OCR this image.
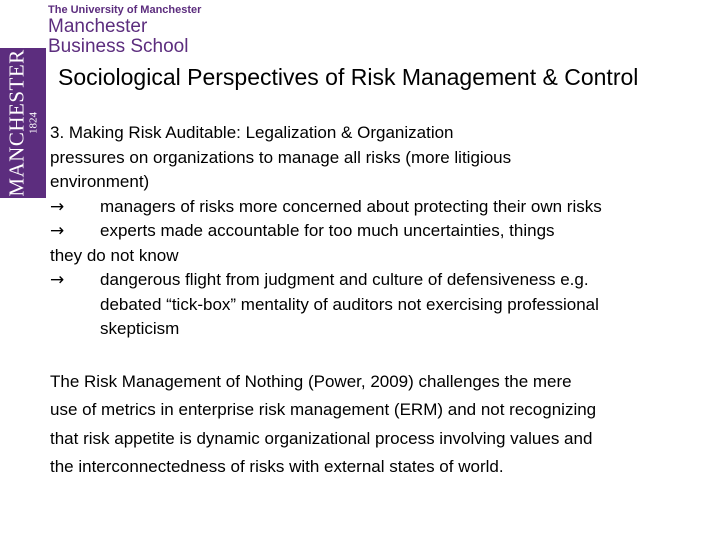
The University of Manchester
Manchester
Business School
MANCHESTER 1824
Sociological Perspectives of Risk Management & Control
3. Making Risk Auditable: Legalization & Organization
pressures on organizations to manage all risks (more litigious
environment)
→	managers of risks more concerned about protecting their own risks
→	experts made accountable for too much uncertainties, things
they do not know
→	dangerous flight from judgment and culture of defensiveness e.g.
debated “tick-box” mentality of auditors not exercising professional
skepticism
The Risk Management of Nothing (Power, 2009) challenges the mere
use of metrics in enterprise risk management (ERM) and not recognizing
that risk appetite is dynamic organizational process involving values and
the interconnectedness of risks with external states of world.
